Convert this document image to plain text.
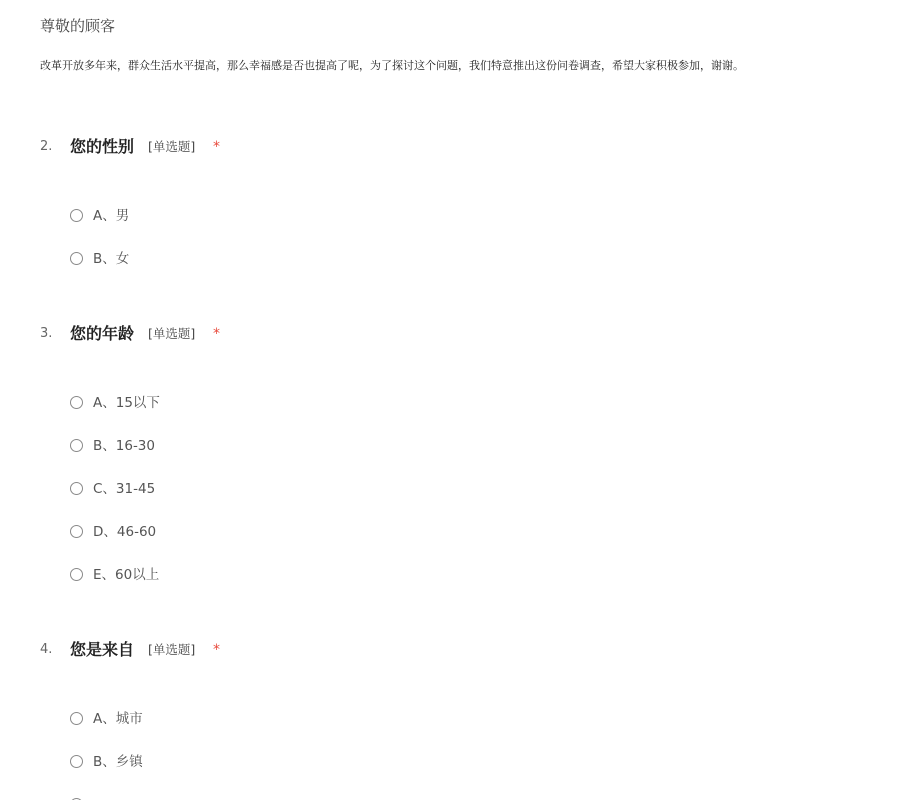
尊敬的顾客
改革开放多年来，群众生活水平提高，那么幸福感是否也提高了呢，为了探讨这个问题，我们特意推出这份问卷调查，希望大家积极参加，谢谢。
2. 您的性别 [单选题] *
A、男
B、女
3. 您的年龄 [单选题] *
A、15以下
B、16-30
C、31-45
D、46-60
E、60以上
4. 您是来自 [单选题] *
A、城市
B、乡镇
